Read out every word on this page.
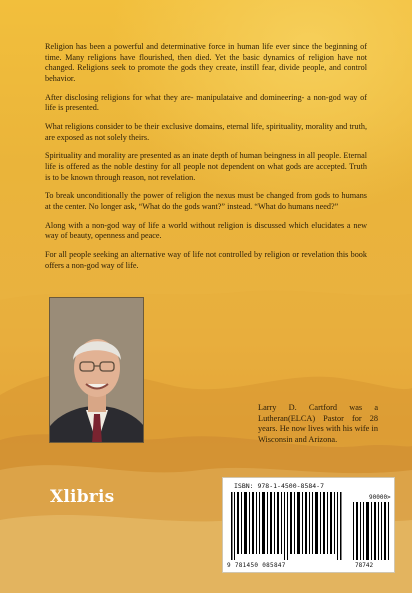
Religion has been a powerful and determinative force in human life ever since the beginning of time. Many religions have flourished, then died. Yet the basic dynamics of religion have not changed. Religions seek to promote the gods they create, instill fear, divide people, and control behavior.

After disclosing religions for what they are- manipulataive and domineering- a non-god way of life is presented.

What religions consider to be their exclusive domains, eternal life, spirituality, morality and truth, are exposed as not solely theirs.

Spirituality and morality are presented as an inate depth of human beingness in all people. Eternal life is offered as the noble destiny for all people not dependent on what gods are accepted. Truth is to be known through reason, not revelation.

To break unconditionally the power of religion the nexus must be changed from gods to humans at the center. No longer ask, “What do the gods want?” instead. “What do humans need?”

Along with a non-god way of life a world without religion is discussed which elucidates a new way of beauty, openness and peace.

For all people seeking an alternative way of life not controlled by religion or revelation this book offers a non-god way of life.

Larry D. Cartford was a Lutheran(ELCA) Pastor for 28 years. He now lives with his wife in Wisconsin and Arizona.
Xlibris
ISBN: 978-1-4500-8584-7
90000>
9 781450 085847	78742
